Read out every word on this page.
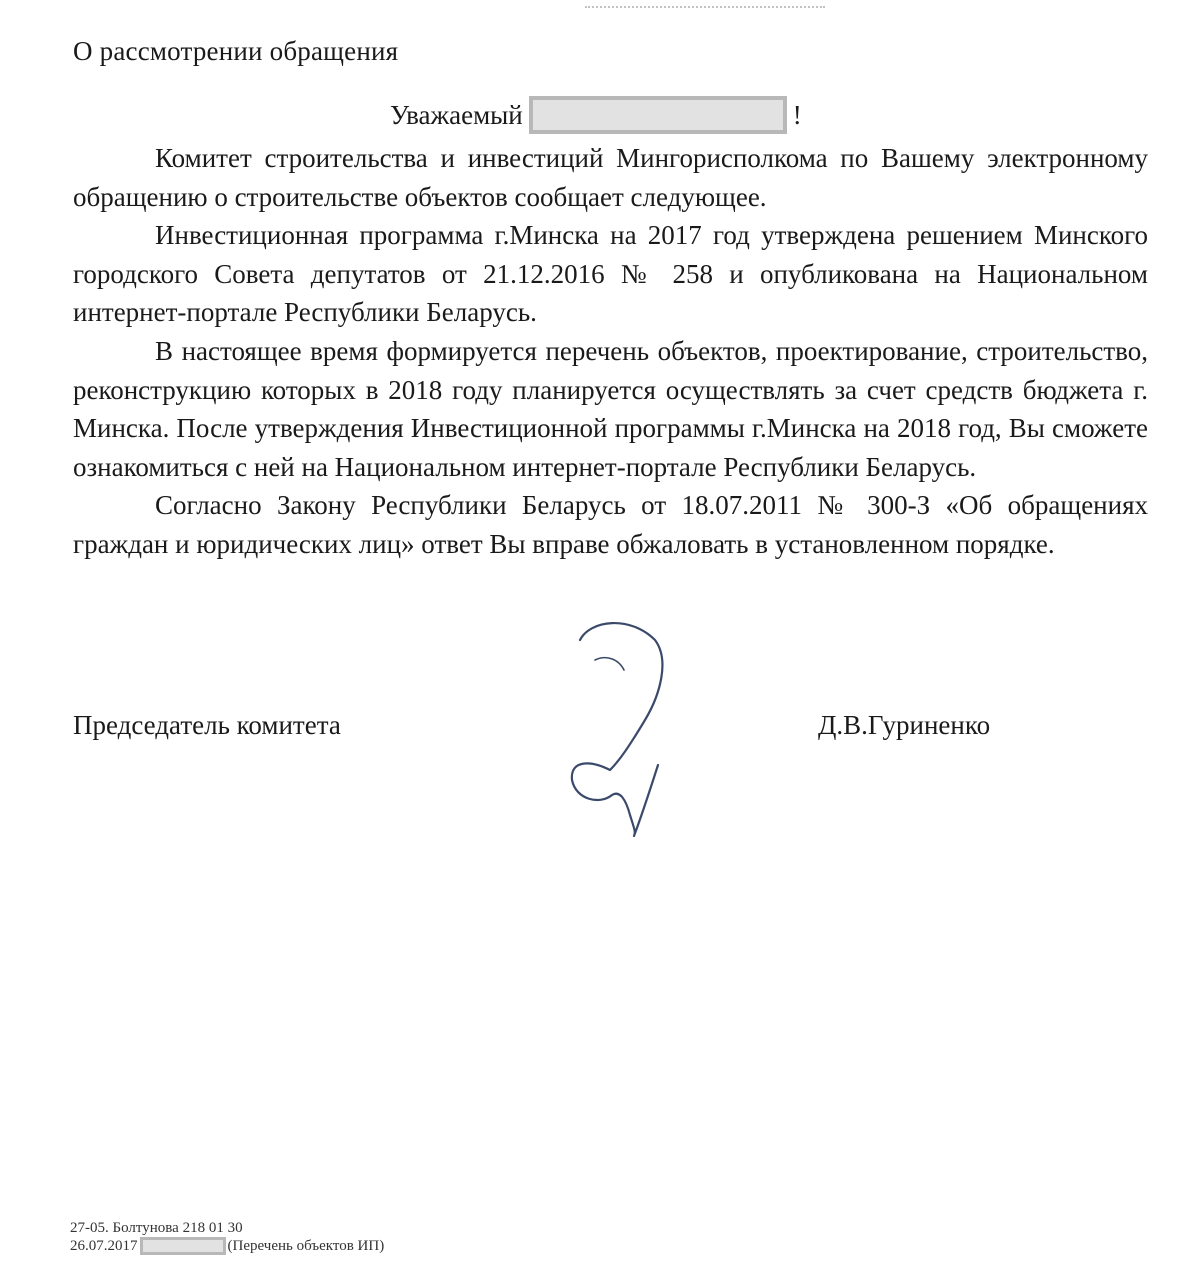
О рассмотрении обращения
Уважаемый	!

Комитет строительства и инвестиций Мингорисполкома по Вашему электронному обращению о строительстве объектов сообщает следующее.

Инвестиционная программа г.Минска на 2017 год утверждена решением Минского городского Совета депутатов от 21.12.2016 № 258 и опубликована на Национальном интернет-портале Республики Беларусь.

В настоящее время формируется перечень объектов, проектирование, строительство, реконструкцию которых в 2018 году планируется осуществлять за счет средств бюджета г. Минска. После утверждения Инвестиционной программы г.Минска на 2018 год, Вы сможете ознакомиться с ней на Национальном интернет-портале Республики Беларусь.

Согласно Закону Республики Беларусь от 18.07.2011 № 300-З «Об обращениях граждан и юридических лиц» ответ Вы вправе обжаловать в установленном порядке.

Председатель комитета	Д.В.Гуриненко
27-05. Болтунова 218 01 30
26.07.2017	(Перечень объектов ИП)
